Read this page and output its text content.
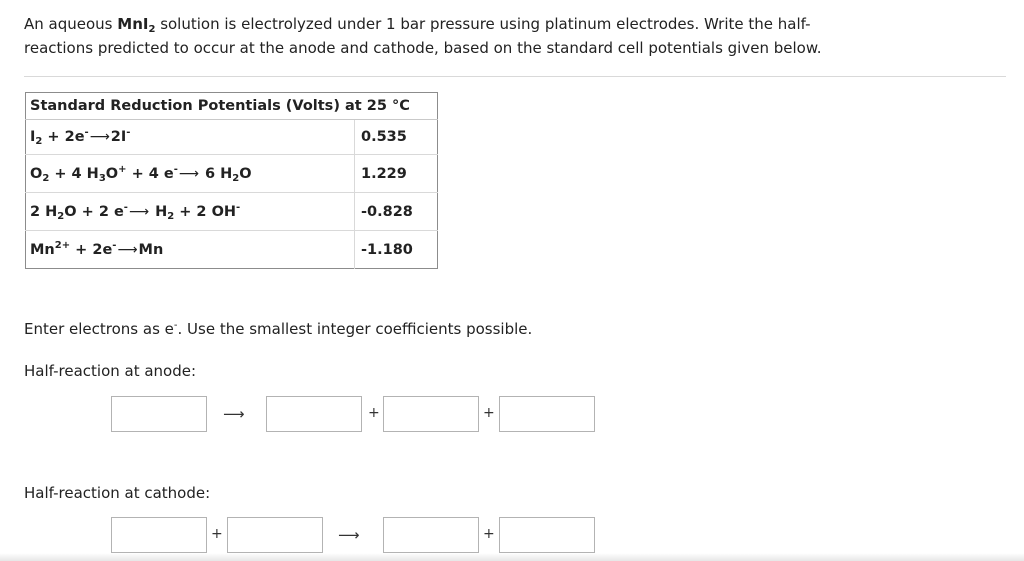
An aqueous MnI$_2$ solution is electrolyzed under 1 bar pressure using platinum electrodes. Write the half-
reactions predicted to occur at the anode and cathode, based on the standard cell potentials given below.
Standard Reduction Potentials (Volts) at 25 °C	
$I_2$ + 2e-⟶2I-	0.535
$O_2 + 4$ $H_3O^+ + 4$ e-⟶ 6 $H_2O$	1.229
2 $H_2O + 2$ e-⟶ $H_2 + 2$ OH-	-0.828
$Mn^{2+}$ + 2e-⟶Mn	-1.180
Enter electrons as e-. Use the smallest integer coefficients possible.
Half-reaction at anode:
⟶	+	+
Half-reaction at cathode:
+	⟶	+
